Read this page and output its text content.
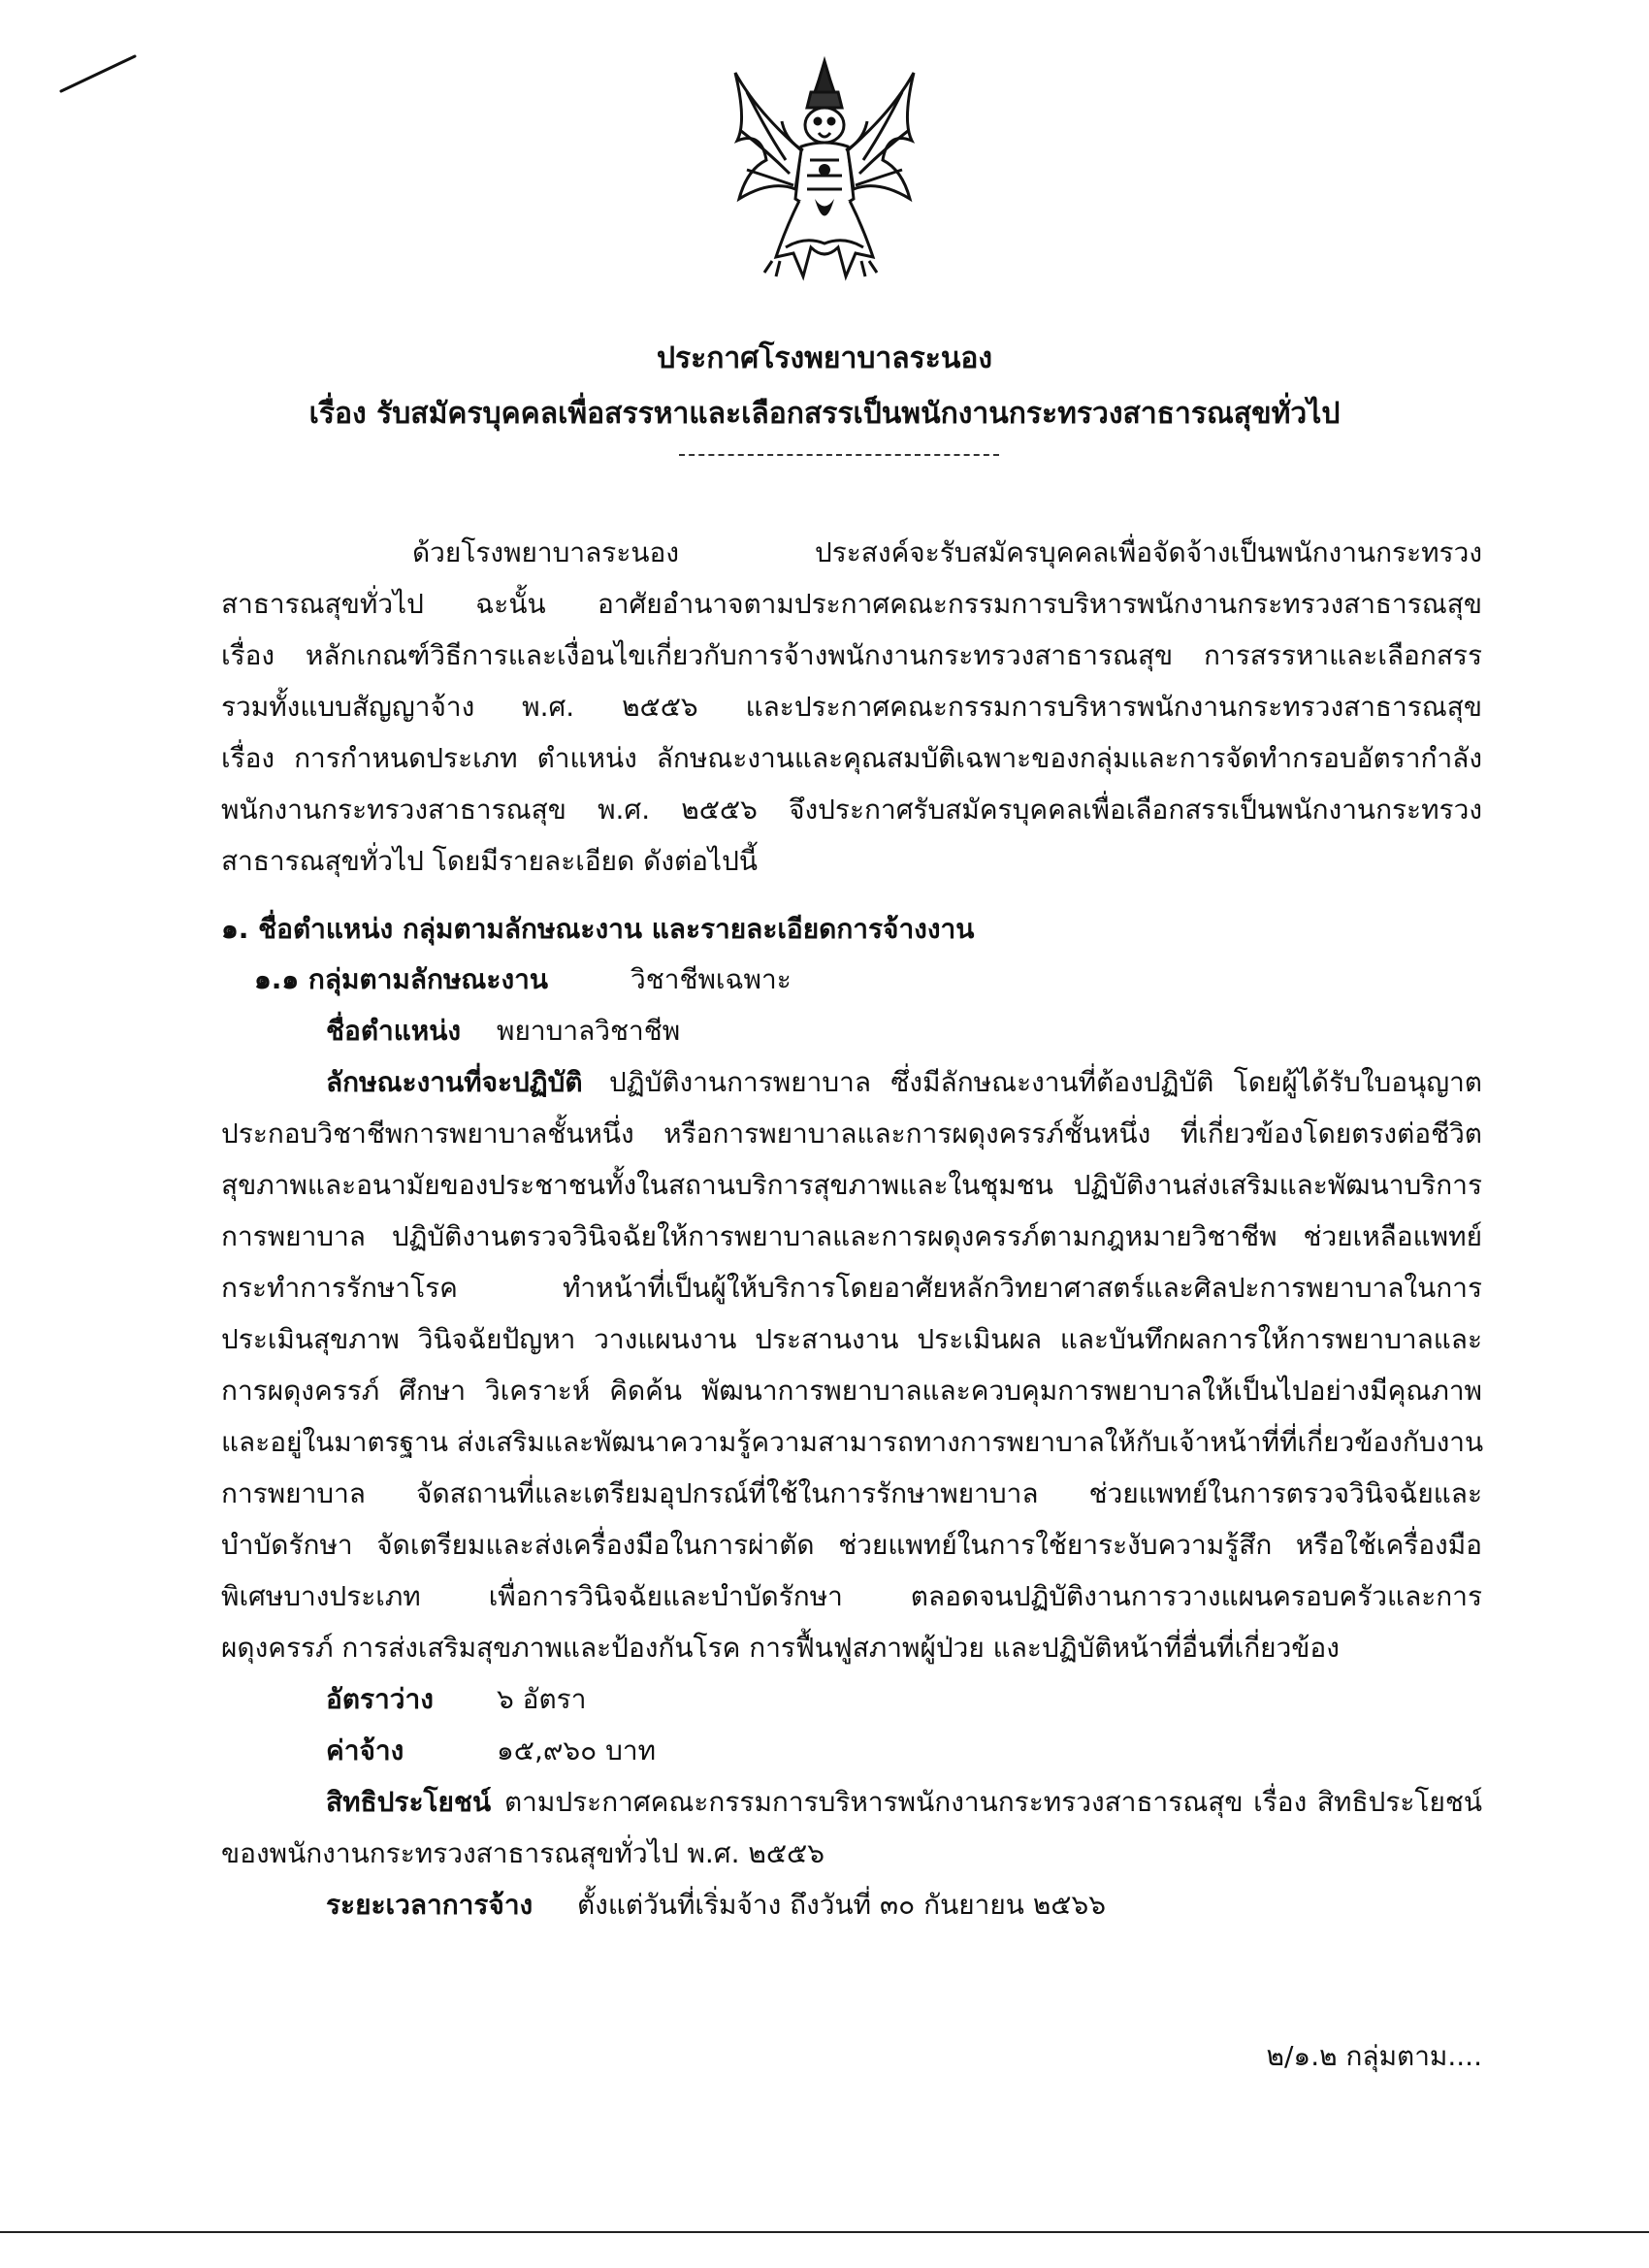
ประกาศโรงพยาบาลระนอง
เรื่อง รับสมัครบุคคลเพื่อสรรหาและเลือกสรรเป็นพนักงานกระทรวงสาธารณสุขทั่วไป
ด้วยโรงพยาบาลระนอง ประสงค์จะรับสมัครบุคคลเพื่อจัดจ้างเป็นพนักงานกระทรวง
สาธารณสุขทั่วไป ฉะนั้น อาศัยอำนาจตามประกาศคณะกรรมการบริหารพนักงานกระทรวงสาธารณสุข
เรื่อง หลักเกณฑ์วิธีการและเงื่อนไขเกี่ยวกับการจ้างพนักงานกระทรวงสาธารณสุข การสรรหาและเลือกสรร
รวมทั้งแบบสัญญาจ้าง พ.ศ. ๒๕๕๖ และประกาศคณะกรรมการบริหารพนักงานกระทรวงสาธารณสุข
เรื่อง การกำหนดประเภท ตำแหน่ง ลักษณะงานและคุณสมบัติเฉพาะของกลุ่มและการจัดทำกรอบอัตรากำลัง
พนักงานกระทรวงสาธารณสุข พ.ศ. ๒๕๕๖ จึงประกาศรับสมัครบุคคลเพื่อเลือกสรรเป็นพนักงานกระทรวง
สาธารณสุขทั่วไป โดยมีรายละเอียด ดังต่อไปนี้
๑. ชื่อตำแหน่ง กลุ่มตามลักษณะงาน และรายละเอียดการจ้างงาน
๑.๑ กลุ่มตามลักษณะงาน	วิชาชีพเฉพาะ
ชื่อตำแหน่ง พยาบาลวิชาชีพ
ลักษณะงานที่จะปฏิบัติ ปฏิบัติงานการพยาบาล ซึ่งมีลักษณะงานที่ต้องปฏิบัติ โดยผู้ได้รับใบอนุญาต
ประกอบวิชาชีพการพยาบาลชั้นหนึ่ง หรือการพยาบาลและการผดุงครรภ์ชั้นหนึ่ง ที่เกี่ยวข้องโดยตรงต่อชีวิต
สุขภาพและอนามัยของประชาชนทั้งในสถานบริการสุขภาพและในชุมชน ปฏิบัติงานส่งเสริมและพัฒนาบริการ
การพยาบาล ปฏิบัติงานตรวจวินิจฉัยให้การพยาบาลและการผดุงครรภ์ตามกฎหมายวิชาชีพ ช่วยเหลือแพทย์
กระทำการรักษาโรค ทำหน้าที่เป็นผู้ให้บริการโดยอาศัยหลักวิทยาศาสตร์และศิลปะการพยาบาลในการ
ประเมินสุขภาพ วินิจฉัยปัญหา วางแผนงาน ประสานงาน ประเมินผล และบันทึกผลการให้การพยาบาลและ
การผดุงครรภ์ ศึกษา วิเคราะห์ คิดค้น พัฒนาการพยาบาลและควบคุมการพยาบาลให้เป็นไปอย่างมีคุณภาพ
และอยู่ในมาตรฐาน ส่งเสริมและพัฒนาความรู้ความสามารถทางการพยาบาลให้กับเจ้าหน้าที่ที่เกี่ยวข้องกับงาน
การพยาบาล จัดสถานที่และเตรียมอุปกรณ์ที่ใช้ในการรักษาพยาบาล ช่วยแพทย์ในการตรวจวินิจฉัยและ
บำบัดรักษา จัดเตรียมและส่งเครื่องมือในการผ่าตัด ช่วยแพทย์ในการใช้ยาระงับความรู้สึก หรือใช้เครื่องมือ
พิเศษบางประเภท เพื่อการวินิจฉัยและบำบัดรักษา ตลอดจนปฏิบัติงานการวางแผนครอบครัวและการ
ผดุงครรภ์ การส่งเสริมสุขภาพและป้องกันโรค การฟื้นฟูสภาพผู้ป่วย และปฏิบัติหน้าที่อื่นที่เกี่ยวข้อง
อัตราว่าง ๖ อัตรา
ค่าจ้าง	๑๕,๙๖๐ บาท
สิทธิประโยชน์ ตามประกาศคณะกรรมการบริหารพนักงานกระทรวงสาธารณสุข เรื่อง สิทธิประโยชน์
ของพนักงานกระทรวงสาธารณสุขทั่วไป พ.ศ. ๒๕๕๖
ระยะเวลาการจ้าง ตั้งแต่วันที่เริ่มจ้าง ถึงวันที่ ๓๐ กันยายน ๒๕๖๖
๒/๑.๒ กลุ่มตาม....
